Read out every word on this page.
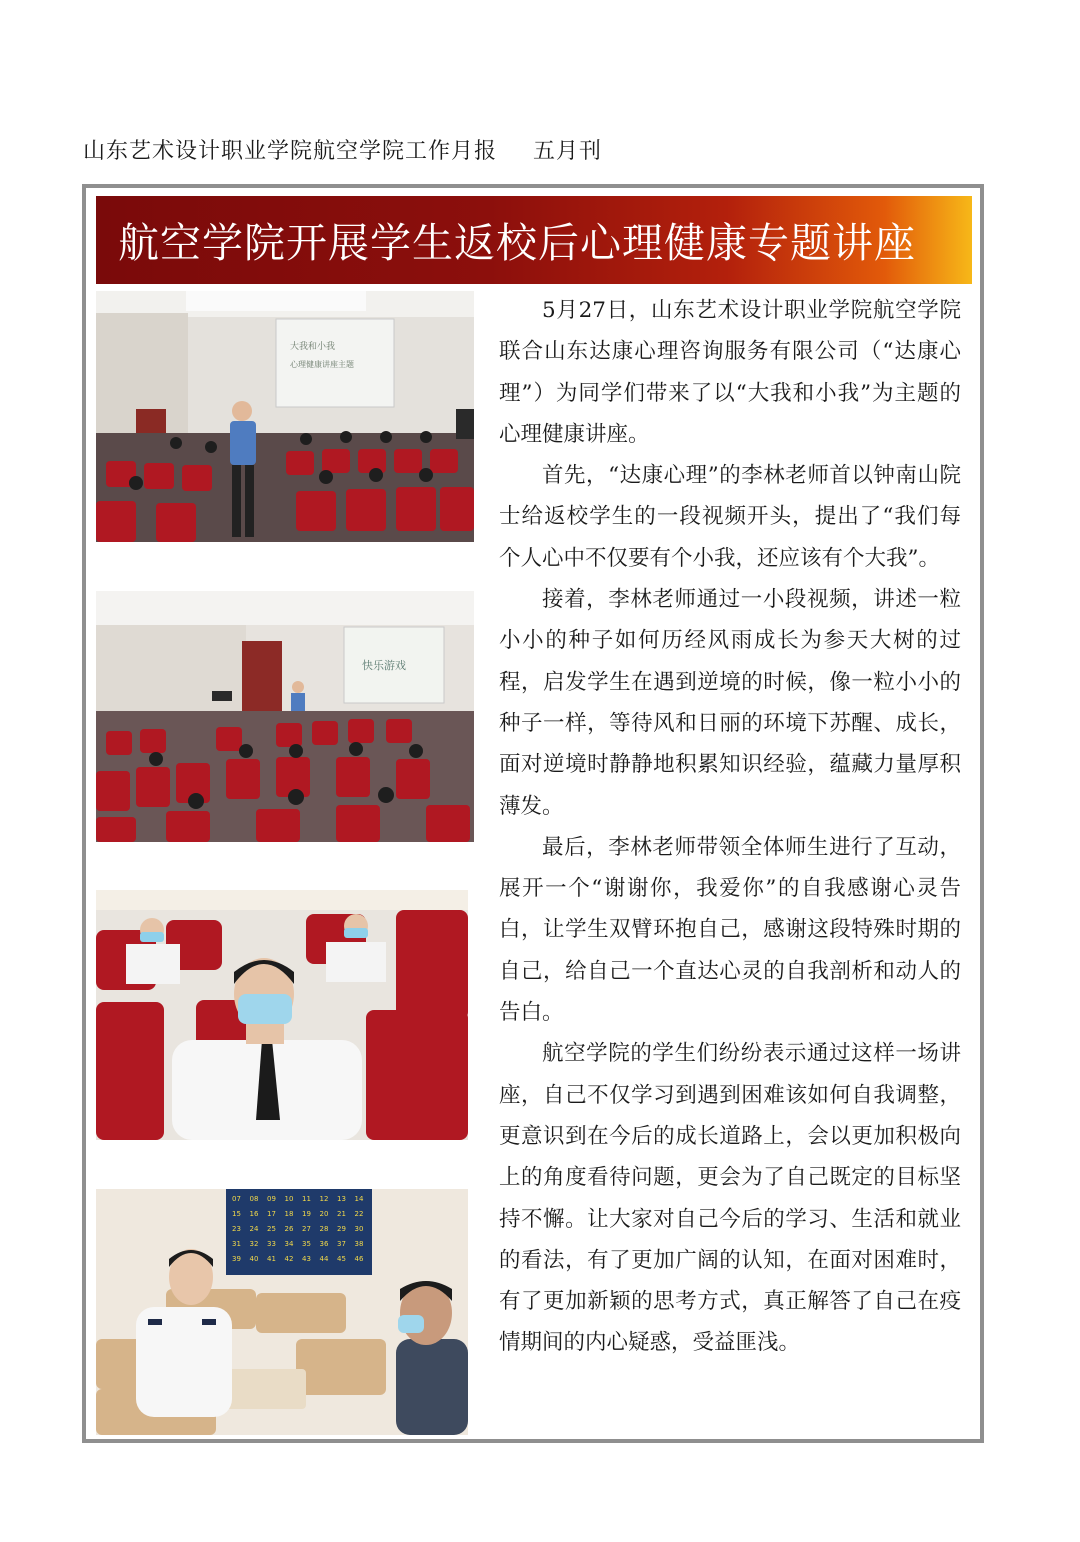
山东艺术设计职业学院航空学院工作月报 五月刊
航空学院开展学生返校后心理健康专题讲座
大我和小我
心理健康讲座主题
快乐游戏
07 08 09 10 11 12 13 14
15 16 17 18 19 20 21 22
23 24 25 26 27 28 29 30
31 32 33 34 35 36 37 38
39 40 41 42 43 44 45 46

5月27日，山东艺术设计职业学院航空学院联合山东达康心理咨询服务有限公司（“达康心理”）为同学们带来了以“大我和小我”为主题的心理健康讲座。

首先，“达康心理”的李林老师首以钟南山院士给返校学生的一段视频开头，提出了“我们每个人心中不仅要有个小我，还应该有个大我”。

接着，李林老师通过一小段视频，讲述一粒小小的种子如何历经风雨成长为参天大树的过程，启发学生在遇到逆境的时候，像一粒小小的种子一样，等待风和日丽的环境下苏醒、成长，面对逆境时静静地积累知识经验，蕴藏力量厚积薄发。

最后，李林老师带领全体师生进行了互动，展开一个“谢谢你，我爱你”的自我感谢心灵告白，让学生双臂环抱自己，感谢这段特殊时期的自己，给自己一个直达心灵的自我剖析和动人的告白。

航空学院的学生们纷纷表示通过这样一场讲座，自己不仅学习到遇到困难该如何自我调整，更意识到在今后的成长道路上，会以更加积极向上的角度看待问题，更会为了自己既定的目标坚持不懈。让大家对自己今后的学习、生活和就业的看法，有了更加广阔的认知，在面对困难时，有了更加新颖的思考方式，真正解答了自己在疫情期间的内心疑惑，受益匪浅。
